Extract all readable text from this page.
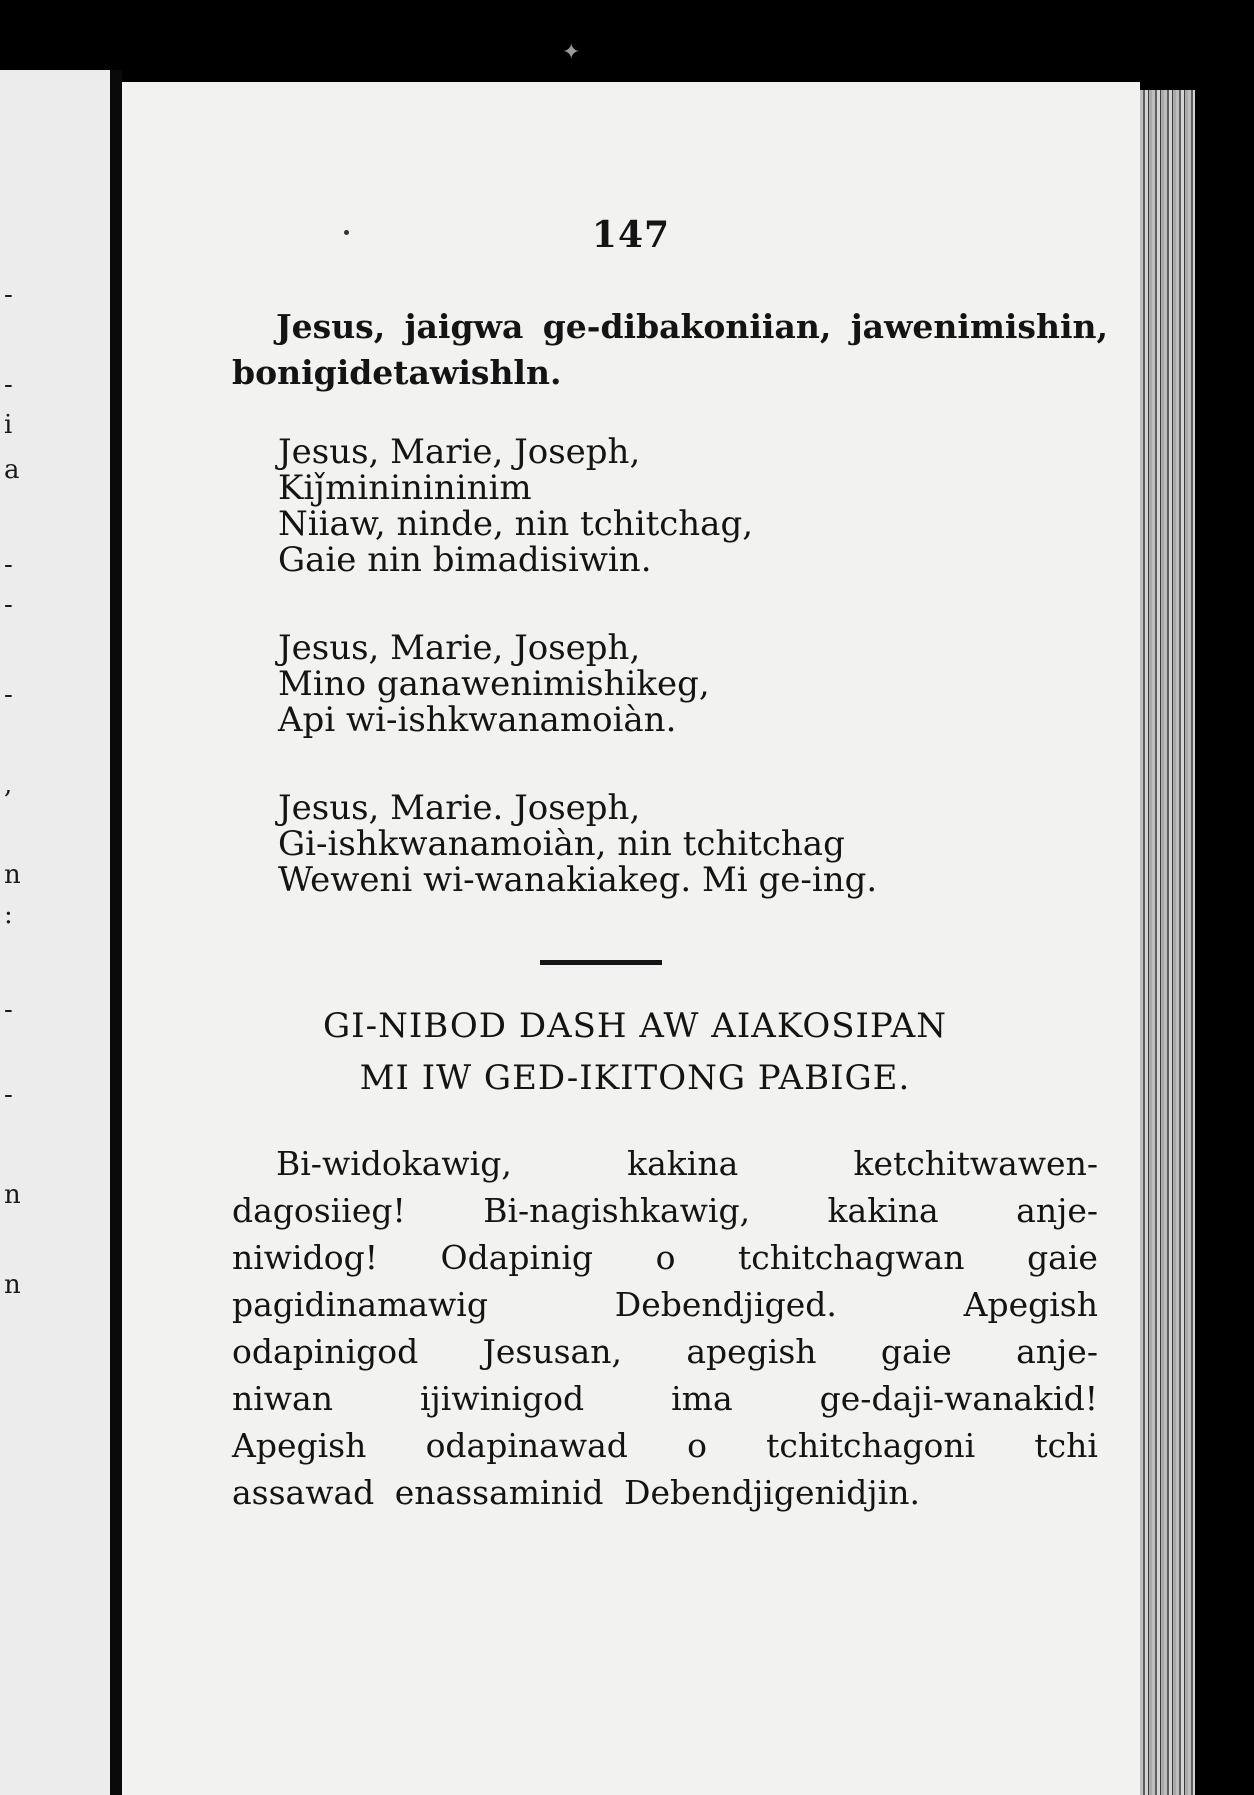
-
-
i
a
-
-
-
,
n
:
-
-
n
n
✦
147

Jesus, jaigwa ge-dibakoniian, jawenimishin, bonigidetawishln.

Jesus, Marie, Joseph,
Kiǰmininininim
Niiaw, ninde, nin tchitchag,
Gaie nin bimadisiwin.
Jesus, Marie, Joseph,
Mino ganawenimishikeg,
Api wi-ishkwanamoiàn.
Jesus, Marie. Joseph,
Gi-ishkwanamoiàn, nin tchitchag
Weweni wi-wanakiakeg. Mi ge-ing.
GI-NIBOD DASH AW AIAKOSIPAN
MI IW GED-IKITONG PABIGE.
Bi-widokawig,	kakina	ketchitwawen-
dagosiieg! Bi-nagishkawig, kakina anje-
niwidog! Odapinig o tchitchagwan gaie
pagidinamawig	Debendjiged.	Apegish
odapinigod Jesusan, apegish gaie anje-
niwan	ijiwinigod	ima	ge-daji-wanakid!
Apegish odapinawad o tchitchagoni tchi
assawad enassaminid Debendjigenidjin.
